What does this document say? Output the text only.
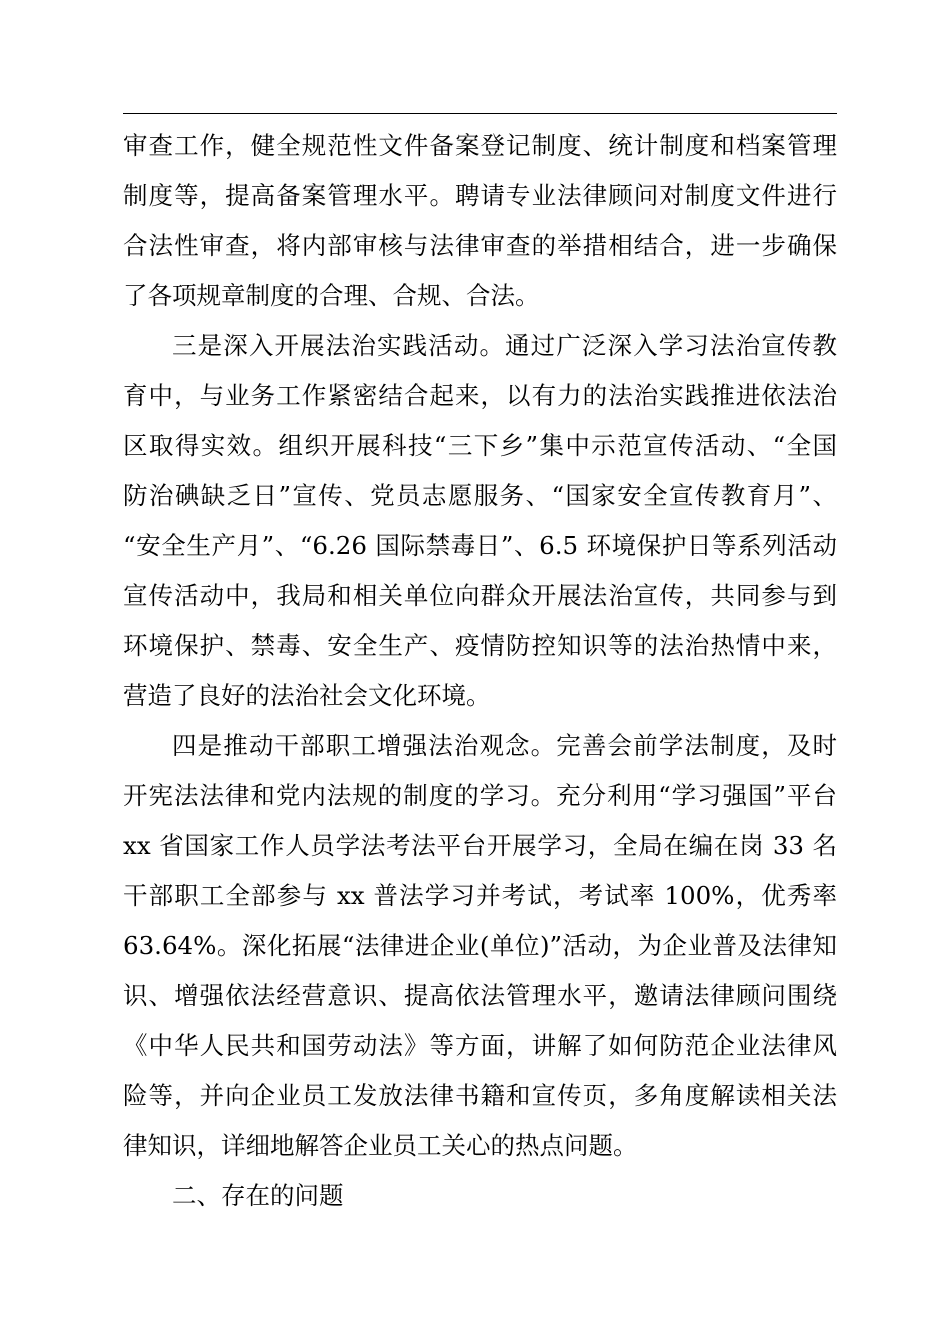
审查工作，健全规范性文件备案登记制度、统计制度和档案管理
制度等，提高备案管理水平。聘请专业法律顾问对制度文件进行
合法性审查，将内部审核与法律审查的举措相结合，进一步确保
了各项规章制度的合理、合规、合法。
三是深入开展法治实践活动。通过广泛深入学习法治宣传教
育中，与业务工作紧密结合起来，以有力的法治实践推进依法治
区取得实效。组织开展科技“三下乡”集中示范宣传活动、“全国
防治碘缺乏日”宣传、党员志愿服务、“国家安全宣传教育月”、
“安全生产月”、“6.26 国际禁毒日”、6.5 环境保护日等系列活动
宣传活动中，我局和相关单位向群众开展法治宣传，共同参与到
环境保护、禁毒、安全生产、疫情防控知识等的法治热情中来，
营造了良好的法治社会文化环境。
四是推动干部职工增强法治观念。完善会前学法制度，及时
开宪法法律和党内法规的制度的学习。充分利用“学习强国”平台
xx 省国家工作人员学法考法平台开展学习，全局在编在岗 33 名
干部职工全部参与 xx 普法学习并考试，考试率 100%，优秀率
63.64%。深化拓展“法律进企业(单位)”活动，为企业普及法律知
识、增强依法经营意识、提高依法管理水平，邀请法律顾问围绕
《中华人民共和国劳动法》等方面，讲解了如何防范企业法律风
险等，并向企业员工发放法律书籍和宣传页，多角度解读相关法
律知识，详细地解答企业员工关心的热点问题。
二、存在的问题
